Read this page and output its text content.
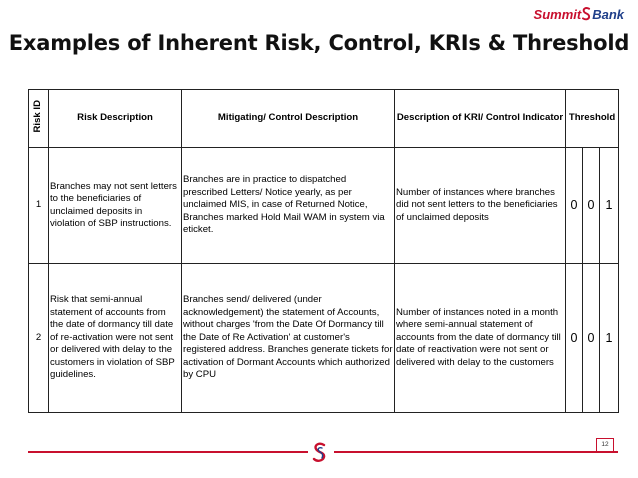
Summit Bank
Examples of Inherent Risk, Control, KRIs & Threshold
Risk ID	Risk Description	Mitigating/ Control Description	Description of KRI/ Control Indicator	Threshold		
1	Branches may not sent letters to the beneficiaries of unclaimed deposits in violation of SBP instructions.	Branches are in practice to dispatched prescribed Letters/ Notice yearly, as per unclaimed MIS, in case of Returned Notice, Branches marked Hold Mail WAM in system via eticket.	Number of instances where branches did not sent letters to the beneficiaries of unclaimed deposits	0	0	1
2	Risk that semi-annual statement of accounts from the date of dormancy till date of re-activation were not sent or delivered with delay to the customers in violation of SBP guidelines.	Branches send/ delivered (under acknowledgement) the statement of Accounts, without charges 'from the Date Of Dormancy till the Date of Re Activation' at customer's registered address. Branches generate tickets for activation of Dormant Accounts which authorized by CPU	Number of instances noted in a month where semi-annual statement of accounts from the date of dormancy till date of reactivation were not sent or delivered with delay to the customers	0	0	1
12
